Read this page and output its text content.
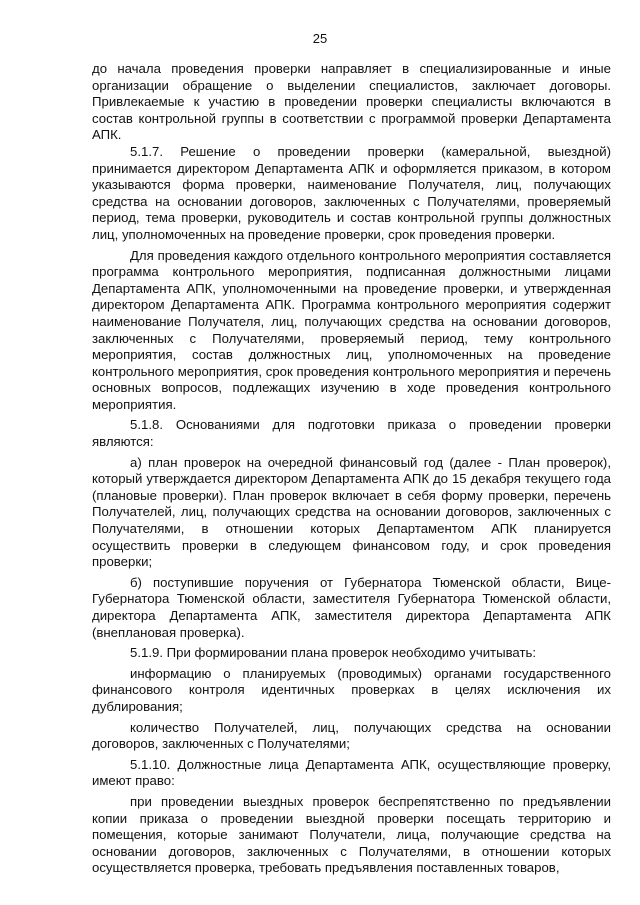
25

до начала проведения проверки направляет в специализированные и иные организации обращение о выделении специалистов, заключает договоры. Привлекаемые к участию в проведении проверки специалисты включаются в состав контрольной группы в соответствии с программой проверки Департамента АПК.

5.1.7. Решение о проведении проверки (камеральной, выездной) принимается директором Департамента АПК и оформляется приказом, в котором указываются форма проверки, наименование Получателя, лиц, получающих средства на основании договоров, заключенных с Получателями, проверяемый период, тема проверки, руководитель и состав контрольной группы должностных лиц, уполномоченных на проведение проверки, срок проведения проверки.

Для проведения каждого отдельного контрольного мероприятия составляется программа контрольного мероприятия, подписанная должностными лицами Департамента АПК, уполномоченными на проведение проверки, и утвержденная директором Департамента АПК. Программа контрольного мероприятия содержит наименование Получателя, лиц, получающих средства на основании договоров, заключенных с Получателями, проверяемый период, тему контрольного мероприятия, состав должностных лиц, уполномоченных на проведение контрольного мероприятия, срок проведения контрольного мероприятия и перечень основных вопросов, подлежащих изучению в ходе проведения контрольного мероприятия.

5.1.8. Основаниями для подготовки приказа о проведении проверки являются:

а) план проверок на очередной финансовый год (далее - План проверок), который утверждается директором Департамента АПК до 15 декабря текущего года (плановые проверки). План проверок включает в себя форму проверки, перечень Получателей, лиц, получающих средства на основании договоров, заключенных с Получателями, в отношении которых Департаментом АПК планируется осуществить проверки в следующем финансовом году, и срок проведения проверки;

б) поступившие поручения от Губернатора Тюменской области, Вице-Губернатора Тюменской области, заместителя Губернатора Тюменской области, директора Департамента АПК, заместителя директора Департамента АПК (внеплановая проверка).

5.1.9. При формировании плана проверок необходимо учитывать:

информацию о планируемых (проводимых) органами государственного финансового контроля идентичных проверках в целях исключения их дублирования;

количество Получателей, лиц, получающих средства на основании договоров, заключенных с Получателями;

5.1.10. Должностные лица Департамента АПК, осуществляющие проверку, имеют право:

при проведении выездных проверок беспрепятственно по предъявлении копии приказа о проведении выездной проверки посещать территорию и помещения, которые занимают Получатели, лица, получающие средства на основании договоров, заключенных с Получателями, в отношении которых осуществляется проверка, требовать предъявления поставленных товаров,
